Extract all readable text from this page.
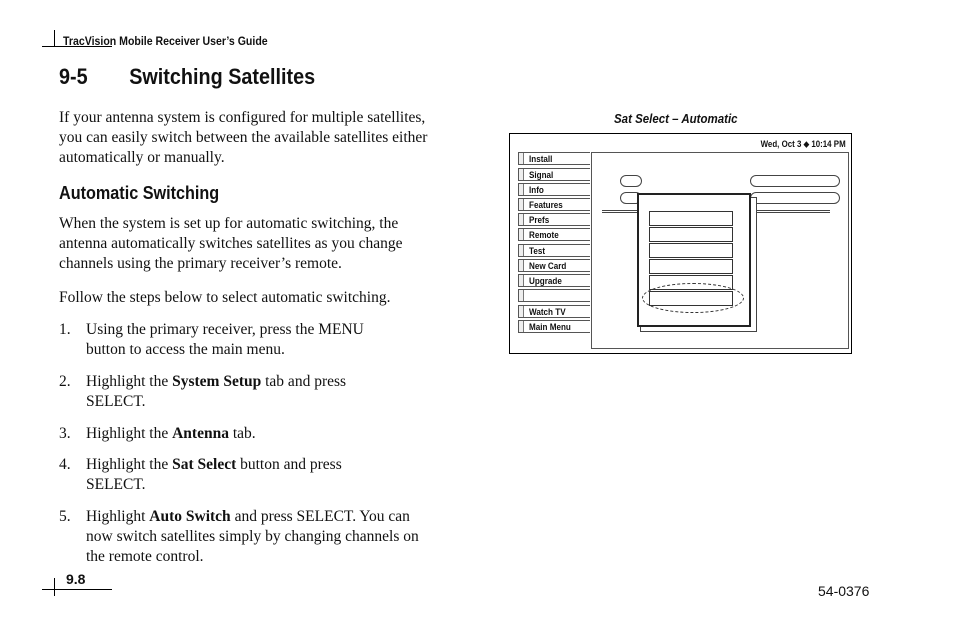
TracVision Mobile Receiver User’s Guide
9-5 Switching Satellites
If your antenna system is configured for multiple satellites, you can easily switch between the available satellites either automatically or manually.
Automatic Switching
When the system is set up for automatic switching, the antenna automatically switches satellites as you change channels using the primary receiver’s remote.
Follow the steps below to select automatic switching.
1. Using the primary receiver, press the MENU button to access the main menu.
2. Highlight the System Setup tab and press SELECT.
3. Highlight the Antenna tab.
4. Highlight the Sat Select button and press SELECT.
5. Highlight Auto Switch and press SELECT. You can now switch satellites simply by changing channels on the remote control.
Sat Select – Automatic
Wed, Oct 3 ⬥ 10:14 PM
Install
Signal
Info
Features
Prefs
Remote
Test
New Card
Upgrade
Watch TV
Main Menu
9.8
54-0376
